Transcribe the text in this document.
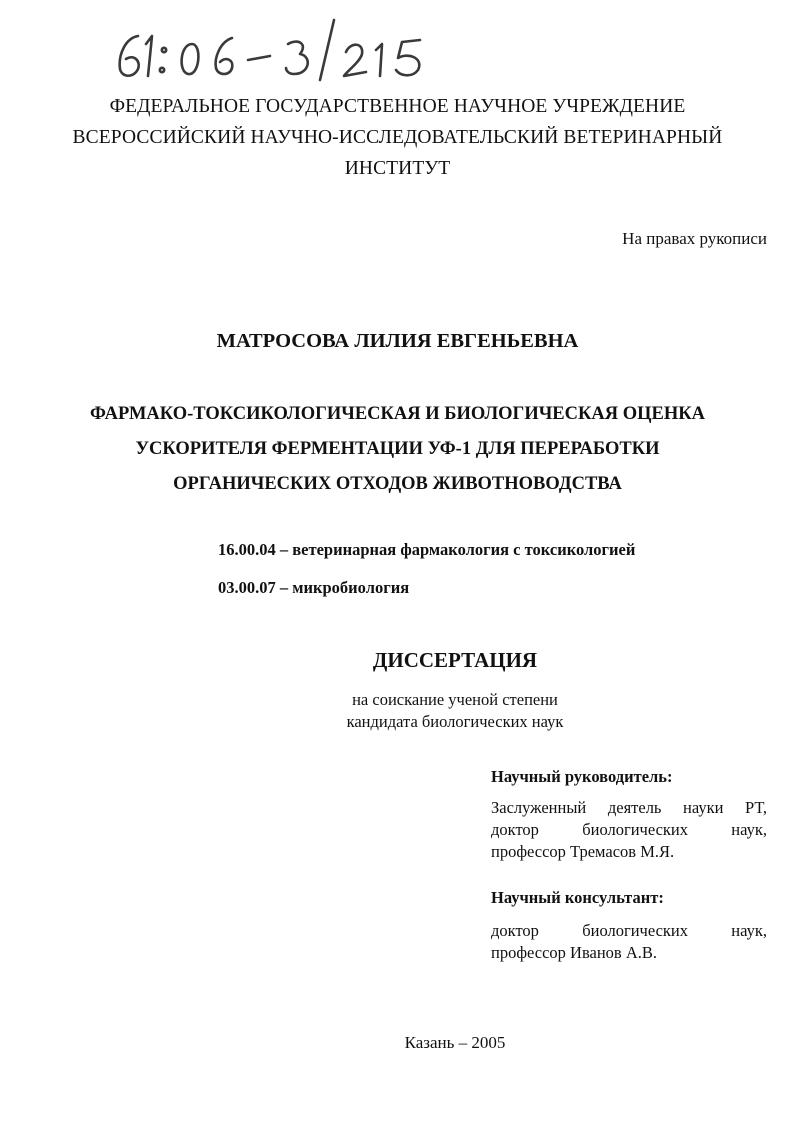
61:06-3/215
ФЕДЕРАЛЬНОЕ ГОСУДАРСТВЕННОЕ НАУЧНОЕ УЧРЕЖДЕНИЕ
ВСЕРОССИЙСКИЙ НАУЧНО-ИССЛЕДОВАТЕЛЬСКИЙ ВЕТЕРИНАРНЫЙ
ИНСТИТУТ
На правах рукописи
МАТРОСОВА ЛИЛИЯ ЕВГЕНЬЕВНА
ФАРМАКО-ТОКСИКОЛОГИЧЕСКАЯ И БИОЛОГИЧЕСКАЯ ОЦЕНКА
УСКОРИТЕЛЯ ФЕРМЕНТАЦИИ УФ-1 ДЛЯ ПЕРЕРАБОТКИ
ОРГАНИЧЕСКИХ ОТХОДОВ ЖИВОТНОВОДСТВА
16.00.04 – ветеринарная фармакология с токсикологией
03.00.07 – микробиология
ДИССЕРТАЦИЯ
на соискание ученой степени
кандидата биологических наук
Научный руководитель:
Заслуженный деятель науки РТ,
доктор биологических наук,
профессор Тремасов М.Я.
Научный консультант:
доктор биологических наук,
профессор Иванов А.В.
Казань – 2005
